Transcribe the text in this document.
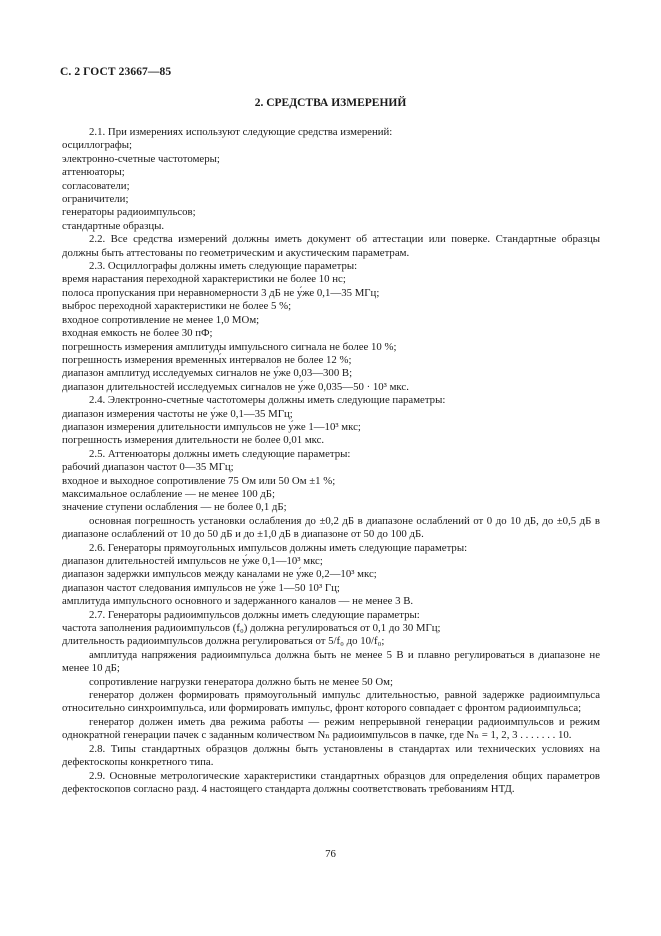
С. 2 ГОСТ 23667—85
2. СРЕДСТВА ИЗМЕРЕНИЙ

2.1. При измерениях используют следующие средства измерений:

осциллографы;

электронно-счетные частотомеры;

аттенюаторы;

согласователи;

ограничители;

генераторы радиоимпульсов;

стандартные образцы.

2.2. Все средства измерений должны иметь документ об аттестации или поверке. Стандартные образцы должны быть аттестованы по геометрическим и акустическим параметрам.

2.3. Осциллографы должны иметь следующие параметры:

время нарастания переходной характеристики не более 10 нс;

полоса пропускания при неравномерности 3 дБ не у́же 0,1—35 МГц;

выброс переходной характеристики не более 5 %;

входное сопротивление не менее 1,0 МОм;

входная емкость не более 30 пФ;

погрешность измерения амплитуды импульсного сигнала не более 10 %;

погрешность измерения временны́х интервалов не более 12 %;

диапазон амплитуд исследуемых сигналов не у́же 0,03—300 В;

диапазон длительностей исследуемых сигналов не у́же 0,035—50 · 10³ мкс.

2.4. Электронно-счетные частотомеры должны иметь следующие параметры:

диапазон измерения частоты не у́же 0,1—35 МГц;

диапазон измерения длительности импульсов не у́же 1—10³ мкс;

погрешность измерения длительности не более 0,01 мкс.

2.5. Аттенюаторы должны иметь следующие параметры:

рабочий диапазон частот 0—35 МГц;

входное и выходное сопротивление 75 Ом или 50 Ом ±1 %;

максимальное ослабление — не менее 100 дБ;

значение ступени ослабления — не более 0,1 дБ;

основная погрешность установки ослабления до ±0,2 дБ в диапазоне ослаблений от 0 до 10 дБ, до ±0,5 дБ в диапазоне ослаблений от 10 до 50 дБ и до ±1,0 дБ в диапазоне от 50 до 100 дБ.

2.6. Генераторы прямоугольных импульсов должны иметь следующие параметры:

диапазон длительностей импульсов не у́же 0,1—10³ мкс;

диапазон задержки импульсов между каналами не у́же 0,2—10³ мкс;

диапазон частот следования импульсов не у́же 1—50 10³ Гц;

амплитуда импульсного основного и задержанного каналов — не менее 3 В.

2.7. Генераторы радиоимпульсов должны иметь следующие параметры:

частота заполнения радиоимпульсов (f₀) должна регулироваться от 0,1 до 30 МГц;

длительность радиоимпульсов должна регулироваться от 5/f₀ до 10/f₀;

амплитуда напряжения радиоимпульса должна быть не менее 5 В и плавно регулироваться в диапазоне не менее 10 дБ;

сопротивление нагрузки генератора должно быть не менее 50 Ом;

генератор должен формировать прямоугольный импульс длительностью, равной задержке радиоимпульса относительно синхроимпульса, или формировать импульс, фронт которого совпадает с фронтом радиоимпульса;

генератор должен иметь два режима работы — режим непрерывной генерации радиоимпульсов и режим однократной генерации пачек с заданным количеством Nₙ радиоимпульсов в пачке, где Nₙ = 1, 2, 3 . . . . . . . 10.

2.8. Типы стандартных образцов должны быть установлены в стандартах или технических условиях на дефектоскопы конкретного типа.

2.9. Основные метрологические характеристики стандартных образцов для определения общих параметров дефектоскопов согласно разд. 4 настоящего стандарта должны соответствовать требованиям НТД.

76
